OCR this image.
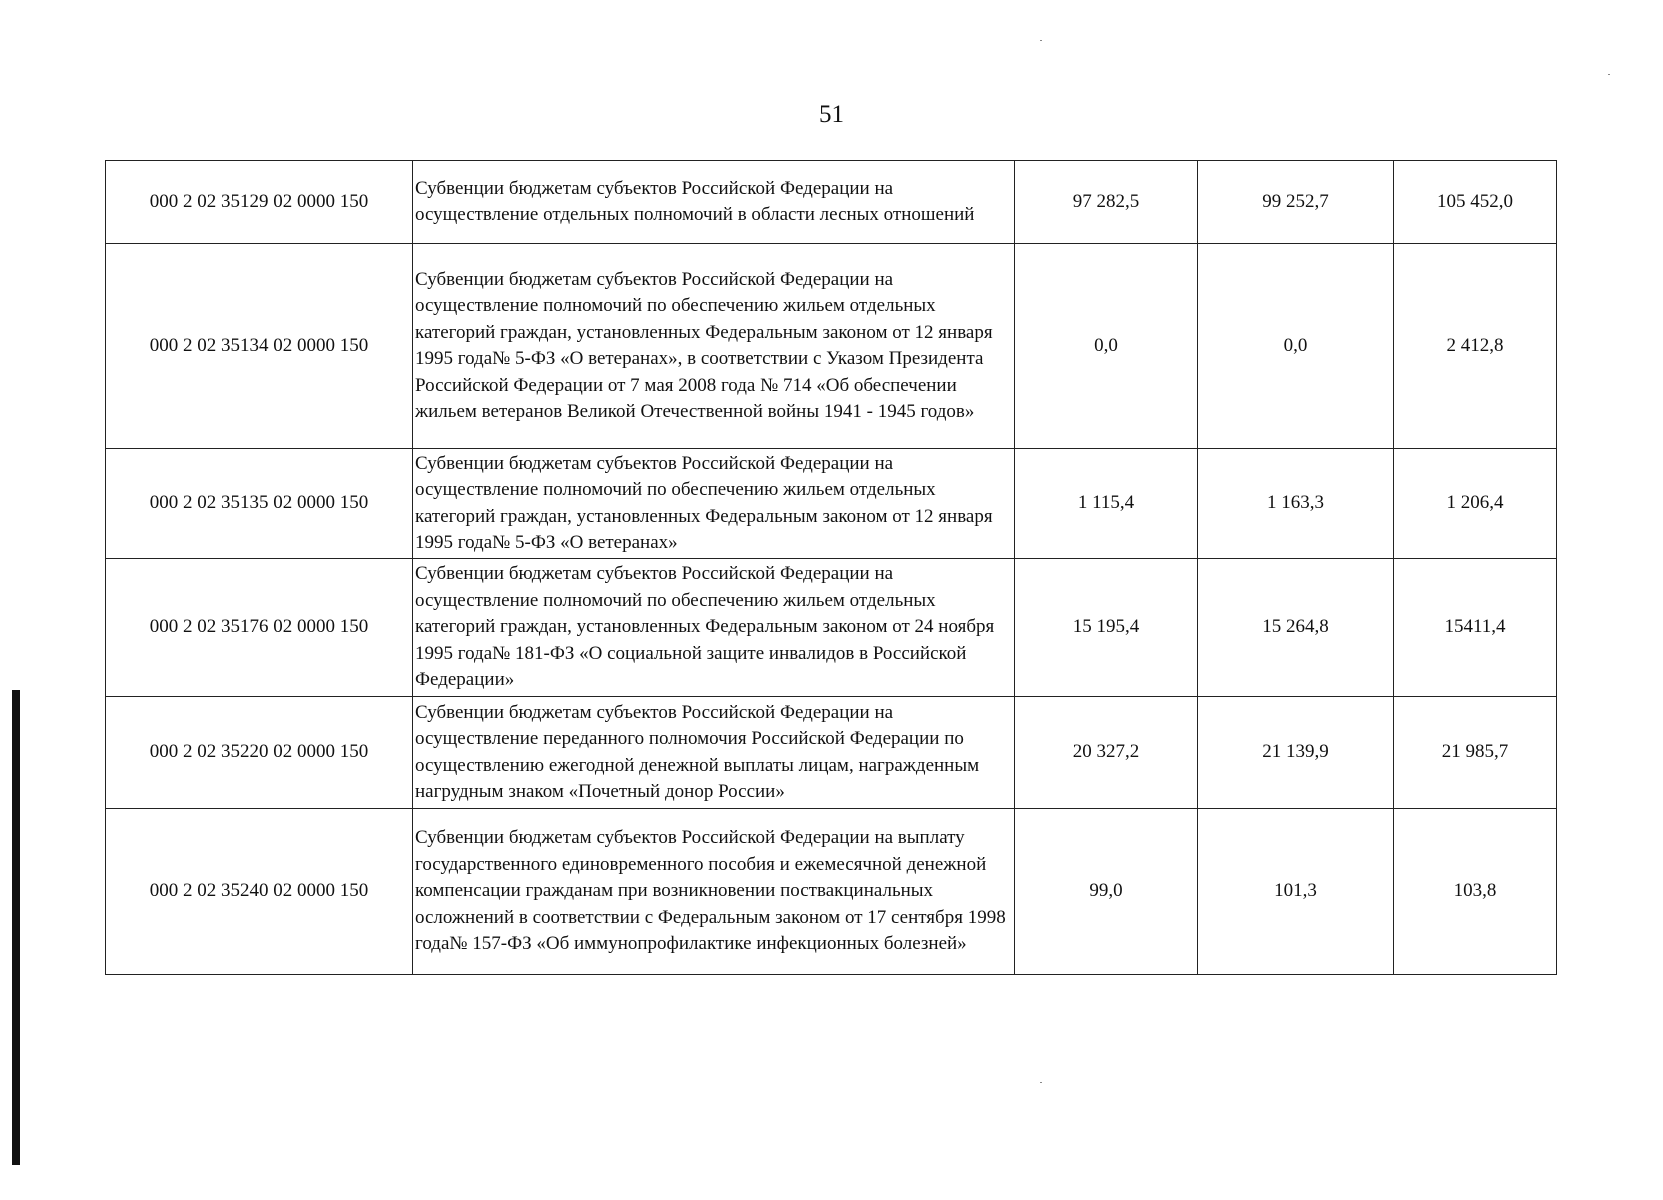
51
000 2 02 35129 02 0000 150	Субвенции бюджетам субъектов Российской Федерации на осуществление отдельных полномочий в области лесных отношений	97 282,5	99 252,7	105 452,0
000 2 02 35134 02 0000 150	Субвенции бюджетам субъектов Российской Федерации на осуществление полномочий по обеспечению жильем отдельных категорий граждан, установленных Федеральным законом от 12 января 1995 года№ 5-ФЗ «О ветеранах», в соответствии с Указом Президента Российской Федерации от 7 мая 2008 года № 714 «Об обеспечении жильем ветеранов Великой Отечественной войны 1941 - 1945 годов»	0,0	0,0	2 412,8
000 2 02 35135 02 0000 150	Субвенции бюджетам субъектов Российской Федерации на осуществление полномочий по обеспечению жильем отдельных категорий граждан, установленных Федеральным законом от 12 января 1995 года№ 5-ФЗ «О ветеранах»	1 115,4	1 163,3	1 206,4
000 2 02 35176 02 0000 150	Субвенции бюджетам субъектов Российской Федерации на осуществление полномочий по обеспечению жильем отдельных категорий граждан, установленных Федеральным законом от 24 ноября 1995 года№ 181-ФЗ «О социальной защите инвалидов в Российской Федерации»	15 195,4	15 264,8	15411,4
000 2 02 35220 02 0000 150	Субвенции бюджетам субъектов Российской Федерации на осуществление переданного полномочия Российской Федерации по осуществлению ежегодной денежной выплаты лицам, награжденным нагрудным знаком «Почетный донор России»	20 327,2	21 139,9	21 985,7
000 2 02 35240 02 0000 150	Субвенции бюджетам субъектов Российской Федерации на выплату государственного единовременного пособия и ежемесячной денежной компенсации гражданам при возникновении поствакцинальных осложнений в соответствии с Федеральным законом от 17 сентября 1998 года№ 157-ФЗ «Об иммунопрофилактике инфекционных болезней»	99,0	101,3	103,8
